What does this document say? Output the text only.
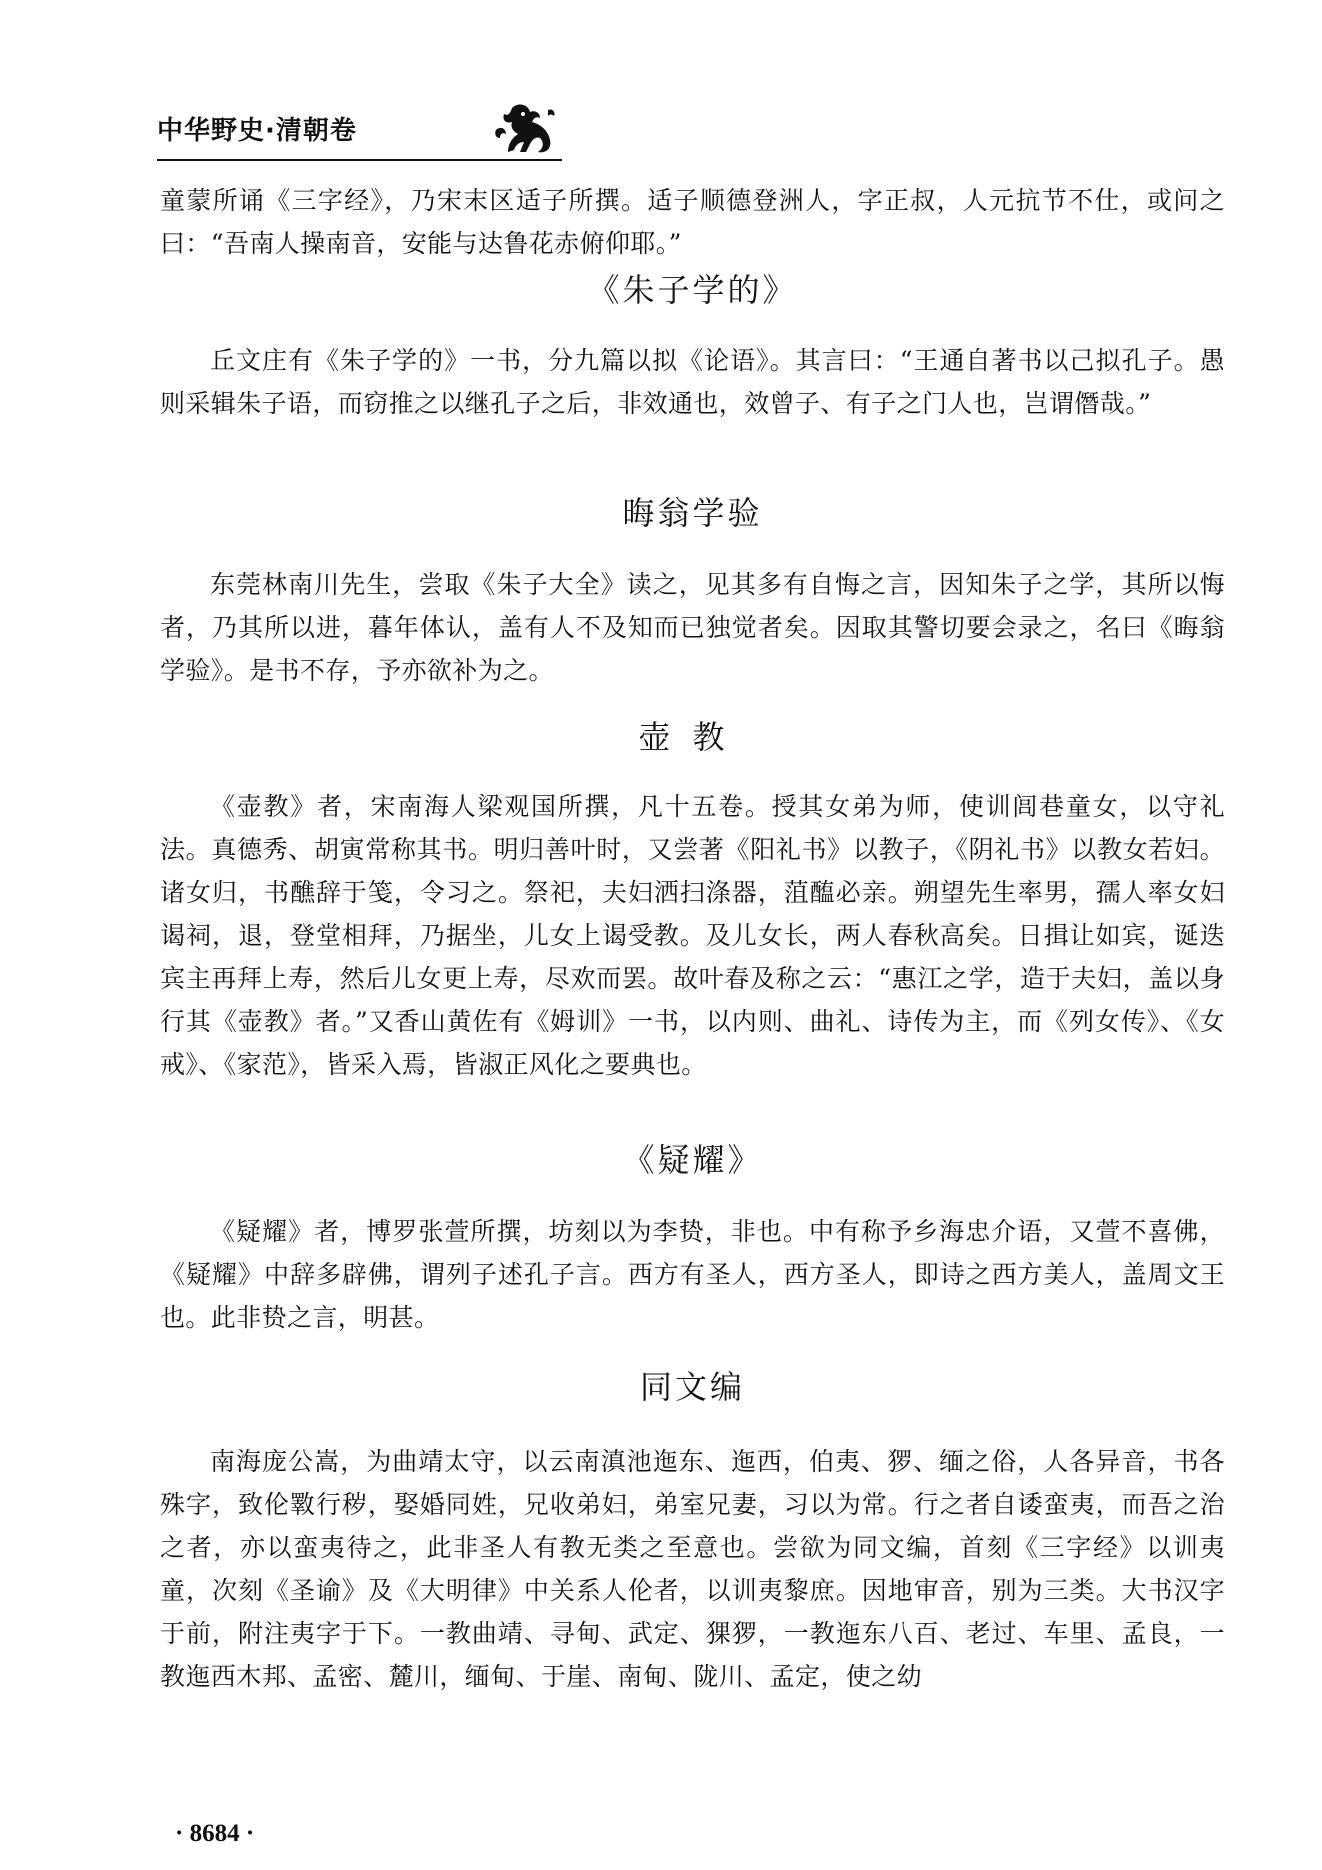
中华野史·清朝卷

童蒙所诵《三字经》，乃宋末区适子所撰。适子顺德登洲人，字正叔，人元抗节不仕，或问之曰：“吾南人操南音，安能与达鲁花赤俯仰耶。”

《朱子学的》

丘文庄有《朱子学的》一书，分九篇以拟《论语》。其言曰：“王通自著书以己拟孔子。愚则采辑朱子语，而窃推之以继孔子之后，非效通也，效曾子、有子之门人也，岂谓僭哉。”

晦翁学验

东莞林南川先生，尝取《朱子大全》读之，见其多有自悔之言，因知朱子之学，其所以悔者，乃其所以进，暮年体认，盖有人不及知而已独觉者矣。因取其警切要会录之，名曰《晦翁学验》。是书不存，予亦欲补为之。

壶教

《壶教》者，宋南海人梁观国所撰，凡十五卷。授其女弟为师，使训闾巷童女，以守礼法。真德秀、胡寅常称其书。明归善叶时，又尝著《阳礼书》以教子，《阴礼书》以教女若妇。诸女归，书醮辞于笺，令习之。祭祀，夫妇洒扫涤器，菹醢必亲。朔望先生率男，孺人率女妇谒祠，退，登堂相拜，乃据坐，儿女上谒受教。及儿女长，两人春秋高矣。日揖让如宾，诞迭宾主再拜上寿，然后儿女更上寿，尽欢而罢。故叶春及称之云：“惠江之学，造于夫妇，盖以身行其《壶教》者。”又香山黄佐有《姆训》一书，以内则、曲礼、诗传为主，而《列女传》、《女戒》、《家范》，皆采入焉，皆淑正风化之要典也。

《疑耀》

《疑耀》者，博罗张萱所撰，坊刻以为李贽，非也。中有称予乡海忠介语，又萱不喜佛，《疑耀》中辞多辟佛，谓列子述孔子言。西方有圣人，西方圣人，即诗之西方美人，盖周文王也。此非贽之言，明甚。

同文编

南海庞公嵩，为曲靖太守，以云南滇池迤东、迤西，伯夷、猡、缅之俗，人各异音，书各殊字，致伦斁行秽，娶婚同姓，兄收弟妇，弟室兄妻，习以为常。行之者自诿蛮夷，而吾之治之者，亦以蛮夷待之，此非圣人有教无类之至意也。尝欲为同文编，首刻《三字经》以训夷童，次刻《圣谕》及《大明律》中关系人伦者，以训夷黎庶。因地审音，别为三类。大书汉字于前，附注夷字于下。一教曲靖、寻甸、武定、猓猡，一教迤东八百、老过、车里、孟良，一教迤西木邦、孟密、麓川，缅甸、于崖、南甸、陇川、孟定，使之幼

· 8684 ·
